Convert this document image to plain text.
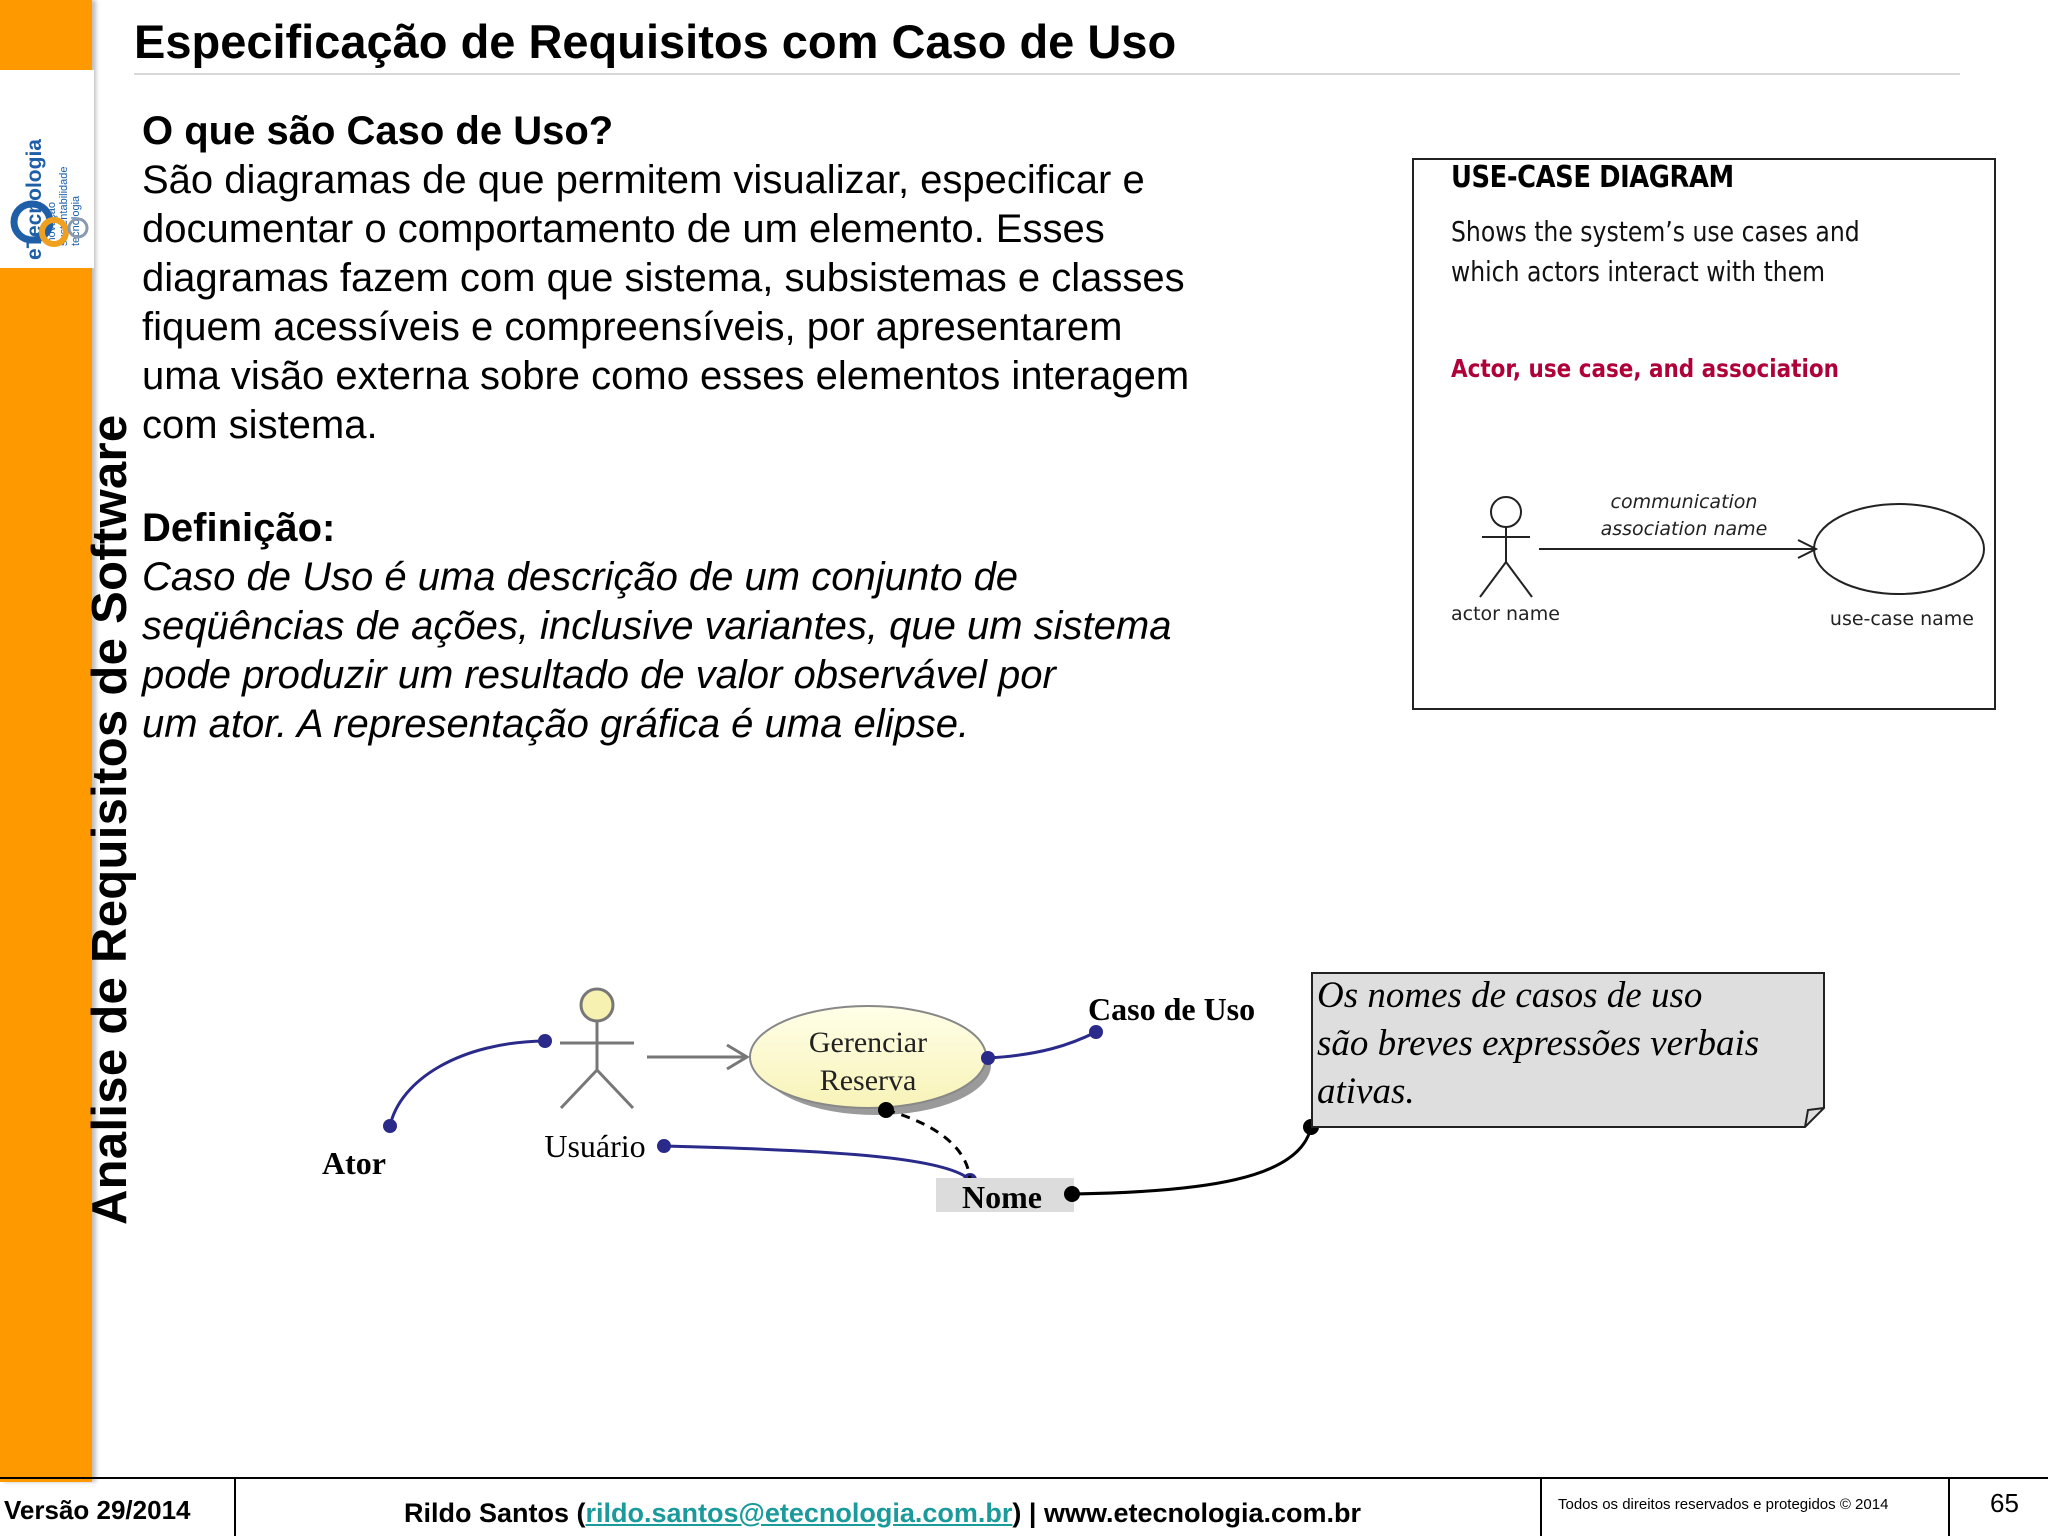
eTecnologia inovação sustentabilidade tecnologia
Analise de Requisitos de Software
Especificação de Requisitos com Caso de Uso
O que são Caso de Uso?
São diagramas de que permitem visualizar, especificar e
documentar o comportamento de um elemento. Esses
diagramas fazem com que sistema, subsistemas e classes
fiquem acessíveis e compreensíveis, por apresentarem
uma visão externa sobre como esses elementos interagem
com sistema.
Definição:
Caso de Uso é uma descrição de um conjunto de
seqüências de ações, inclusive variantes, que um sistema
pode produzir um resultado de valor observável por
um ator. A representação gráfica é uma elipse.
USE-CASE DIAGRAM
Shows the system’s use cases and
which actors interact with them
Actor, use case, and association
communication
association name
actor name	use-case name
Usuário
Gerenciar
Reserva
Ator
Caso de Uso
Nome
Os nomes de casos de uso
são breves expressões verbais
ativas.
Versão 29/2014	Rildo Santos (rildo.santos@etecnologia.com.br) | www.etecnologia.com.br	Todos os direitos reservados e protegidos © 2014	65
